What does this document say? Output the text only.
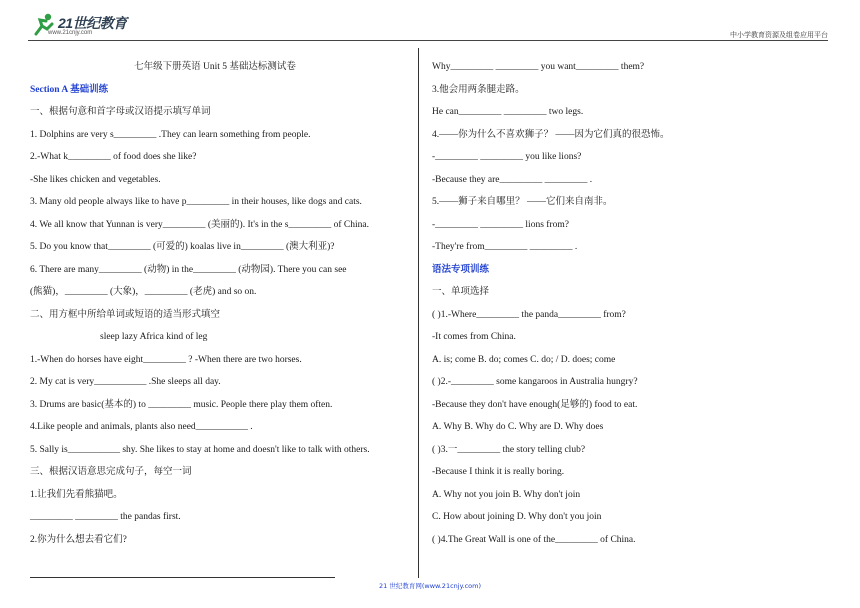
21世纪教育
www.21cnjy.com	中小学教育资源及组卷应用平台
七年级下册英语 Unit 5 基础达标测试卷
Section A 基础训练
一、根据句意和首字母或汉语提示填写单词
1. Dolphins are very s_________ .They can learn something from people.
2.-What k_________ of food does she like?
-She likes chicken and vegetables.
3. Many old people always like to have p_________ in their houses, like dogs and cats.
4. We all know that Yunnan is very_________ (美丽的). It's in the s_________ of China.
5. Do you know that_________ (可爱的) koalas live in_________ (澳大利亚)?
6. There are many_________ (动物) in the_________ (动物园). There you can see
(熊猫)，_________ (大象)，_________ (老虎) and so on.
二、用方框中所给单词或短语的适当形式填空
sleep lazy Africa kind of leg
1.-When do horses have eight_________ ? -When there are two horses.
2. My cat is very___________ .She sleeps all day.
3. Drums are basic(基本的) to _________ music. People there play them often.
4.Like people and animals, plants also need___________ .
5. Sally is___________ shy. She likes to stay at home and doesn't like to talk with others.
三、根据汉语意思完成句子，每空一词
1.让我们先看熊猫吧。
_________ _________ the pandas first.
2.你为什么想去看它们?
Why_________ _________ you want_________ them?
3.他会用两条腿走路。
He can_________ _________ two legs.
4.——你为什么不喜欢狮子？ ——因为它们真的很恐怖。
-_________ _________ you like lions?
-Because they are_________ _________ .
5.——狮子来自哪里？ ——它们来自南非。
-_________ _________ lions from?
-They're from_________ _________ .
语法专项训练
一、单项选择
( )1.-Where_________ the panda_________ from?
-It comes from China.
A. is; come B. do; comes C. do; / D. does; come
( )2.-_________ some kangaroos in Australia hungry?
-Because they don't have enough(足够的) food to eat.
A. Why B. Why do C. Why are D. Why does
( )3.一_________ the story telling club?
-Because I think it is really boring.
A. Why not you join B. Why don't join
C. How about joining D. Why don't you join
( )4.The Great Wall is one of the_________ of China.
21 世纪教育网(www.21cnjy.com)
